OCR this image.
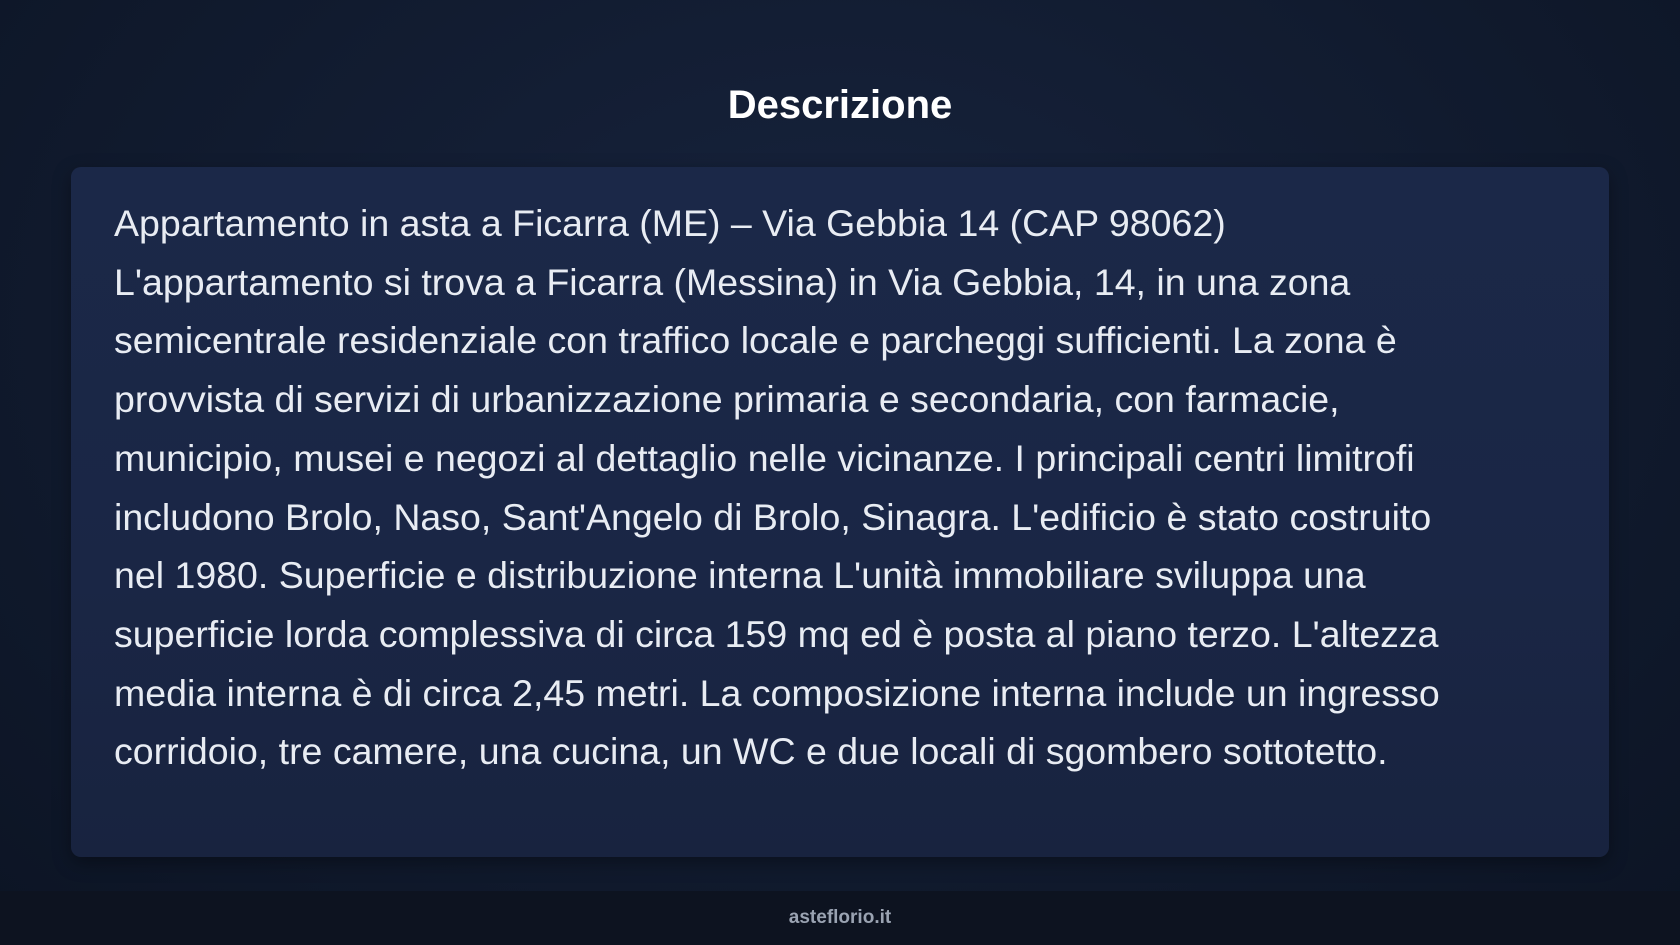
Descrizione

Appartamento in asta a Ficarra (ME) – Via Gebbia 14 (CAP 98062)
L'appartamento si trova a Ficarra (Messina) in Via Gebbia, 14, in una zona
semicentrale residenziale con traffico locale e parcheggi sufficienti. La zona è
provvista di servizi di urbanizzazione primaria e secondaria, con farmacie,
municipio, musei e negozi al dettaglio nelle vicinanze. I principali centri limitrofi
includono Brolo, Naso, Sant'Angelo di Brolo, Sinagra. L'edificio è stato costruito
nel 1980. Superficie e distribuzione interna L'unità immobiliare sviluppa una
superficie lorda complessiva di circa 159 mq ed è posta al piano terzo. L'altezza
media interna è di circa 2,45 metri. La composizione interna include un ingresso
corridoio, tre camere, una cucina, un WC e due locali di sgombero sottotetto.

asteflorio.it
